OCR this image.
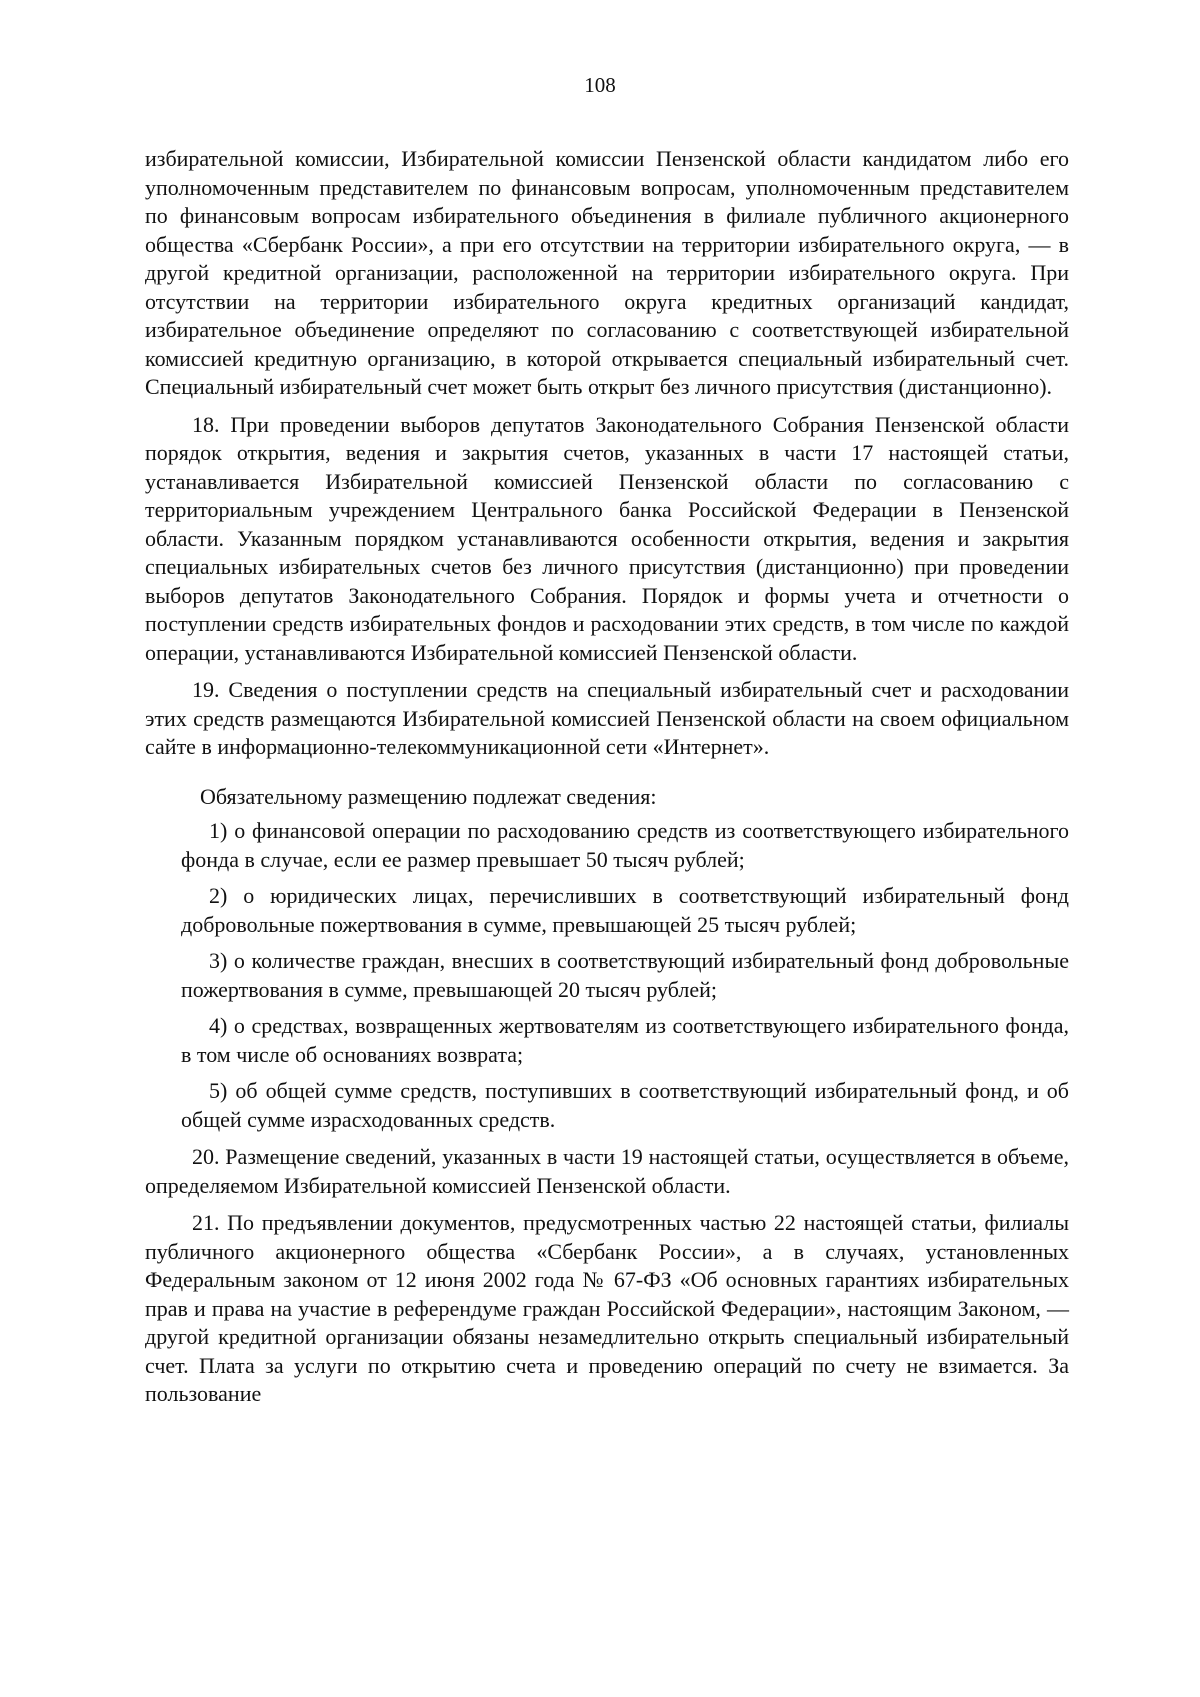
108

избирательной комиссии, Избирательной комиссии Пензенской области кандидатом либо его уполномоченным представителем по финансовым вопросам, уполномоченным представителем по финансовым вопросам избирательного объединения в филиале публичного акционерного общества «Сбербанк России», а при его отсутствии на территории избирательного округа, — в другой кредитной организации, расположенной на территории избирательного округа. При отсутствии на территории избирательного округа кредитных организаций кандидат, избирательное объединение определяют по согласованию с соответствующей избирательной комиссией кредитную организацию, в которой открывается специальный избирательный счет. Специальный избирательный счет может быть открыт без личного присутствия (дистанционно).

18. При проведении выборов депутатов Законодательного Собрания Пензенской области порядок открытия, ведения и закрытия счетов, указанных в части 17 настоящей статьи, устанавливается Избирательной комиссией Пензенской области по согласованию с территориальным учреждением Центрального банка Российской Федерации в Пензенской области. Указанным порядком устанавливаются особенности открытия, ведения и закрытия специальных избирательных счетов без личного присутствия (дистанционно) при проведении выборов депутатов Законодательного Собрания. Порядок и формы учета и отчетности о поступлении средств избирательных фондов и расходовании этих средств, в том числе по каждой операции, устанавливаются Избирательной комиссией Пензенской области.

19. Сведения о поступлении средств на специальный избирательный счет и расходовании этих средств размещаются Избирательной комиссией Пензенской области на своем официальном сайте в информационно-телекоммуникационной сети «Интернет».

Обязательному размещению подлежат сведения:

1) о финансовой операции по расходованию средств из соответствующего избирательного фонда в случае, если ее размер превышает 50 тысяч рублей;

2) о юридических лицах, перечисливших в соответствующий избирательный фонд добровольные пожертвования в сумме, превышающей 25 тысяч рублей;

3) о количестве граждан, внесших в соответствующий избирательный фонд добровольные пожертвования в сумме, превышающей 20 тысяч рублей;

4) о средствах, возвращенных жертвователям из соответствующего избирательного фонда, в том числе об основаниях возврата;

5) об общей сумме средств, поступивших в соответствующий избирательный фонд, и об общей сумме израсходованных средств.

20. Размещение сведений, указанных в части 19 настоящей статьи, осуществляется в объеме, определяемом Избирательной комиссией Пензенской области.

21. По предъявлении документов, предусмотренных частью 22 настоящей статьи, филиалы публичного акционерного общества «Сбербанк России», а в случаях, установленных Федеральным законом от 12 июня 2002 года № 67-ФЗ «Об основных гарантиях избирательных прав и права на участие в референдуме граждан Российской Федерации», настоящим Законом, — другой кредитной организации обязаны незамедлительно открыть специальный избирательный счет. Плата за услуги по открытию счета и проведению операций по счету не взимается. За пользование
